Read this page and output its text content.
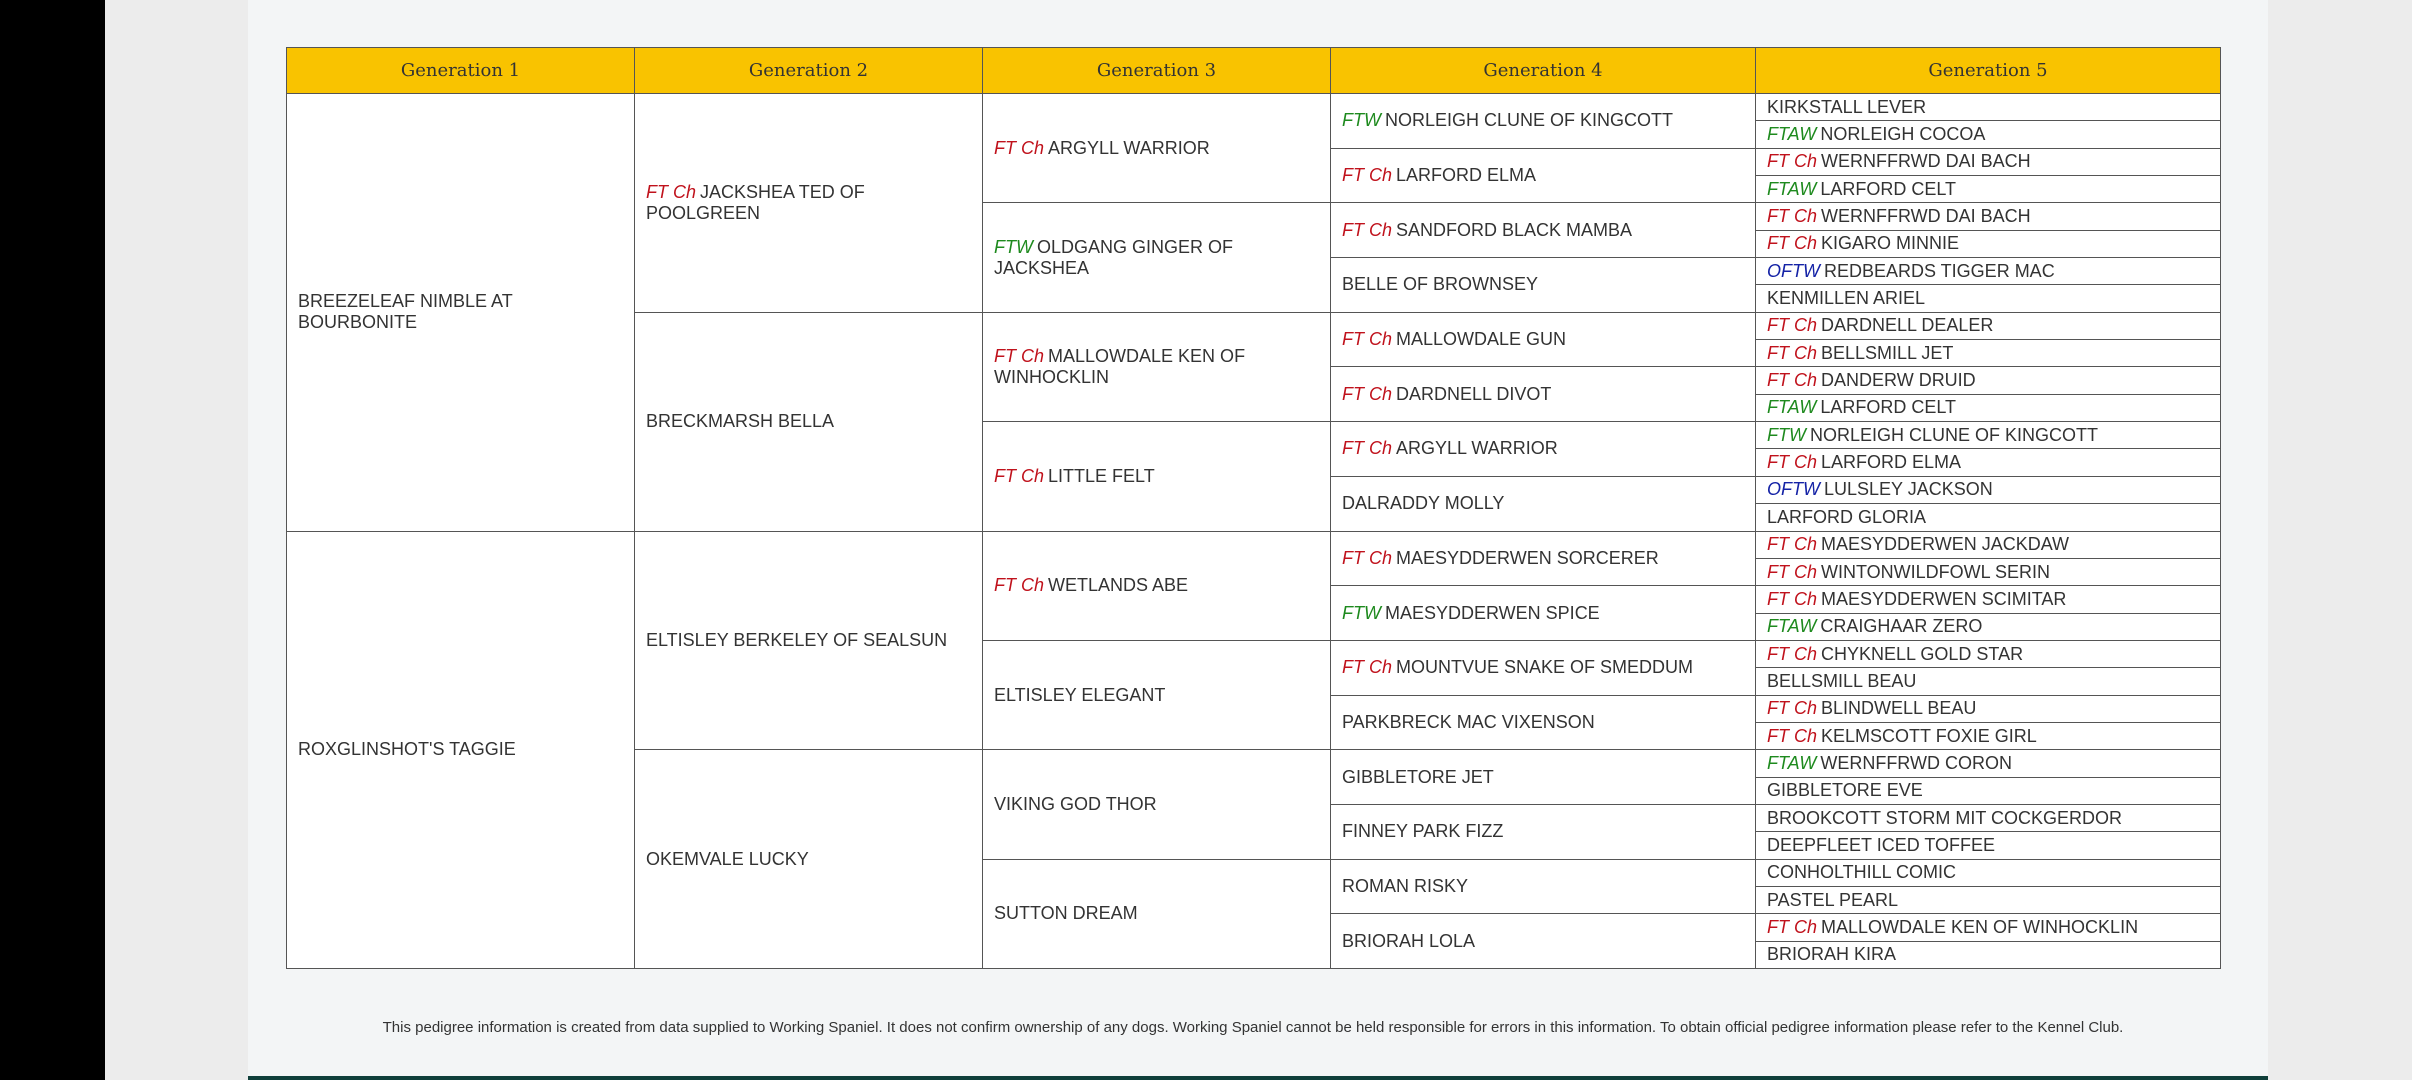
Generation 1	Generation 2	Generation 3	Generation 4	Generation 5
BREEZELEAF NIMBLE AT BOURBONITE	FT Ch JACKSHEA TED OF POOLGREEN	FT Ch ARGYLL WARRIOR	FTW NORLEIGH CLUNE OF KINGCOTT	KIRKSTALL LEVER
				FTAW NORLEIGH COCOA
			FT Ch LARFORD ELMA	FT Ch WERNFFRWD DAI BACH
				FTAW LARFORD CELT
		FTW OLDGANG GINGER OF JACKSHEA	FT Ch SANDFORD BLACK MAMBA	FT Ch WERNFFRWD DAI BACH
				FT Ch KIGARO MINNIE
			BELLE OF BROWNSEY	OFTW REDBEARDS TIGGER MAC
				KENMILLEN ARIEL
	BRECKMARSH BELLA	FT Ch MALLOWDALE KEN OF WINHOCKLIN	FT Ch MALLOWDALE GUN	FT Ch DARDNELL DEALER
				FT Ch BELLSMILL JET
			FT Ch DARDNELL DIVOT	FT Ch DANDERW DRUID
				FTAW LARFORD CELT
		FT Ch LITTLE FELT	FT Ch ARGYLL WARRIOR	FTW NORLEIGH CLUNE OF KINGCOTT
				FT Ch LARFORD ELMA
			DALRADDY MOLLY	OFTW LULSLEY JACKSON
				LARFORD GLORIA
ROXGLINSHOT'S TAGGIE	ELTISLEY BERKELEY OF SEALSUN	FT Ch WETLANDS ABE	FT Ch MAESYDDERWEN SORCERER	FT Ch MAESYDDERWEN JACKDAW
				FT Ch WINTONWILDFOWL SERIN
			FTW MAESYDDERWEN SPICE	FT Ch MAESYDDERWEN SCIMITAR
				FTAW CRAIGHAAR ZERO
		ELTISLEY ELEGANT	FT Ch MOUNTVUE SNAKE OF SMEDDUM	FT Ch CHYKNELL GOLD STAR
				BELLSMILL BEAU
			PARKBRECK MAC VIXENSON	FT Ch BLINDWELL BEAU
				FT Ch KELMSCOTT FOXIE GIRL
	OKEMVALE LUCKY	VIKING GOD THOR	GIBBLETORE JET	FTAW WERNFFRWD CORON
				GIBBLETORE EVE
			FINNEY PARK FIZZ	BROOKCOTT STORM MIT COCKGERDOR
				DEEPFLEET ICED TOFFEE
		SUTTON DREAM	ROMAN RISKY	CONHOLTHILL COMIC
				PASTEL PEARL
			BRIORAH LOLA	FT Ch MALLOWDALE KEN OF WINHOCKLIN
				BRIORAH KIRA
This pedigree information is created from data supplied to Working Spaniel. It does not confirm ownership of any dogs. Working Spaniel cannot be held responsible for errors in this information. To obtain official pedigree information please refer to the Kennel Club.
